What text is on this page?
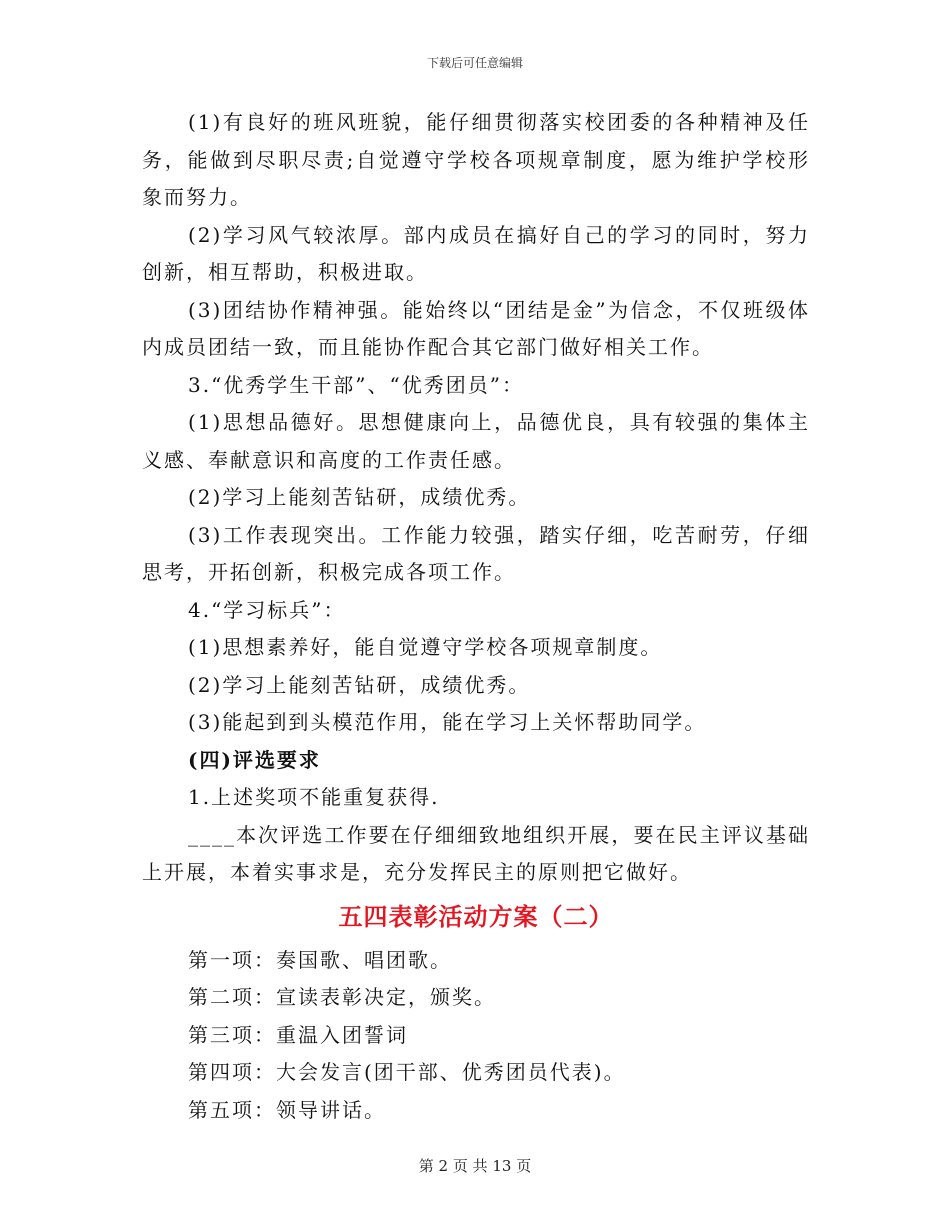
下载后可任意编辑

(1)有良好的班风班貌，能仔细贯彻落实校团委的各种精神及任务，能做到尽职尽责;自觉遵守学校各项规章制度，愿为维护学校形象而努力。

(2)学习风气较浓厚。部内成员在搞好自己的学习的同时，努力创新，相互帮助，积极进取。

(3)团结协作精神强。能始终以“团结是金”为信念，不仅班级体内成员团结一致，而且能协作配合其它部门做好相关工作。

3.“优秀学生干部”、“优秀团员”：

(1)思想品德好。思想健康向上，品德优良，具有较强的集体主义感、奉献意识和高度的工作责任感。

(2)学习上能刻苦钻研，成绩优秀。

(3)工作表现突出。工作能力较强，踏实仔细，吃苦耐劳，仔细思考，开拓创新，积极完成各项工作。

4.“学习标兵”：

(1)思想素养好，能自觉遵守学校各项规章制度。

(2)学习上能刻苦钻研，成绩优秀。

(3)能起到到头模范作用，能在学习上关怀帮助同学。

(四)评选要求

1.上述奖项不能重复获得.

____本次评选工作要在仔细细致地组织开展，要在民主评议基础上开展，本着实事求是，充分发挥民主的原则把它做好。

五四表彰活动方案（二）

第一项：奏国歌、唱团歌。

第二项：宣读表彰决定，颁奖。

第三项：重温入团誓词

第四项：大会发言(团干部、优秀团员代表)。

第五项：领导讲话。

第 2 页 共 13 页
